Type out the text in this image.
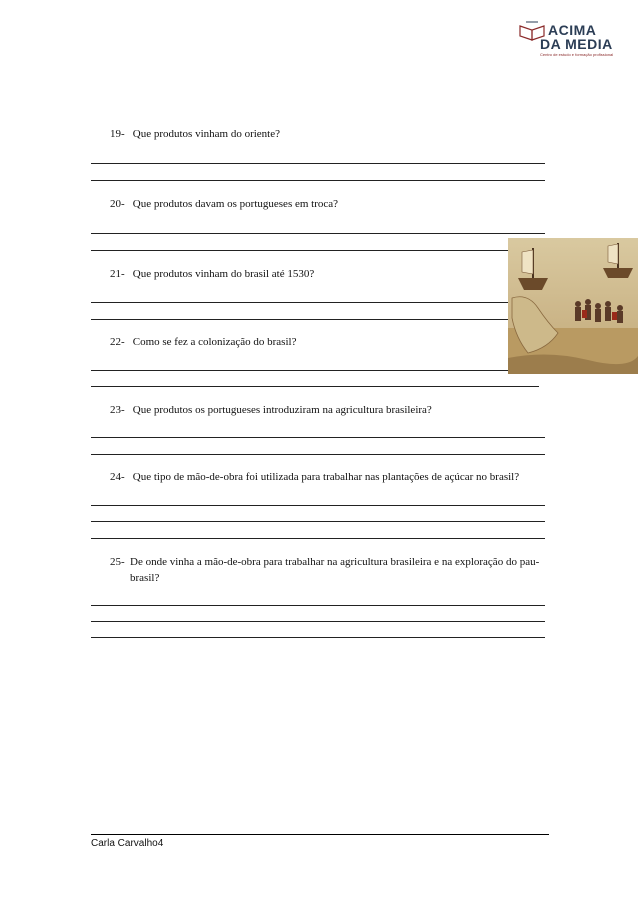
ACIMA
DA MEDIA
Centro de estudo e formação profissional
19- Que produtos vinham do oriente?
20- Que produtos davam os portugueses em troca?
21- Que produtos vinham do brasil até 1530?
22- Como se fez a colonização do brasil?
23- Que produtos os portugueses introduziram na agricultura brasileira?
24- Que tipo de mão-de-obra foi utilizada para trabalhar nas plantações de açúcar no brasil?
25- De onde vinha a mão-de-obra para trabalhar na agricultura brasileira e na exploração do pau-brasil?
Carla Carvalho4
